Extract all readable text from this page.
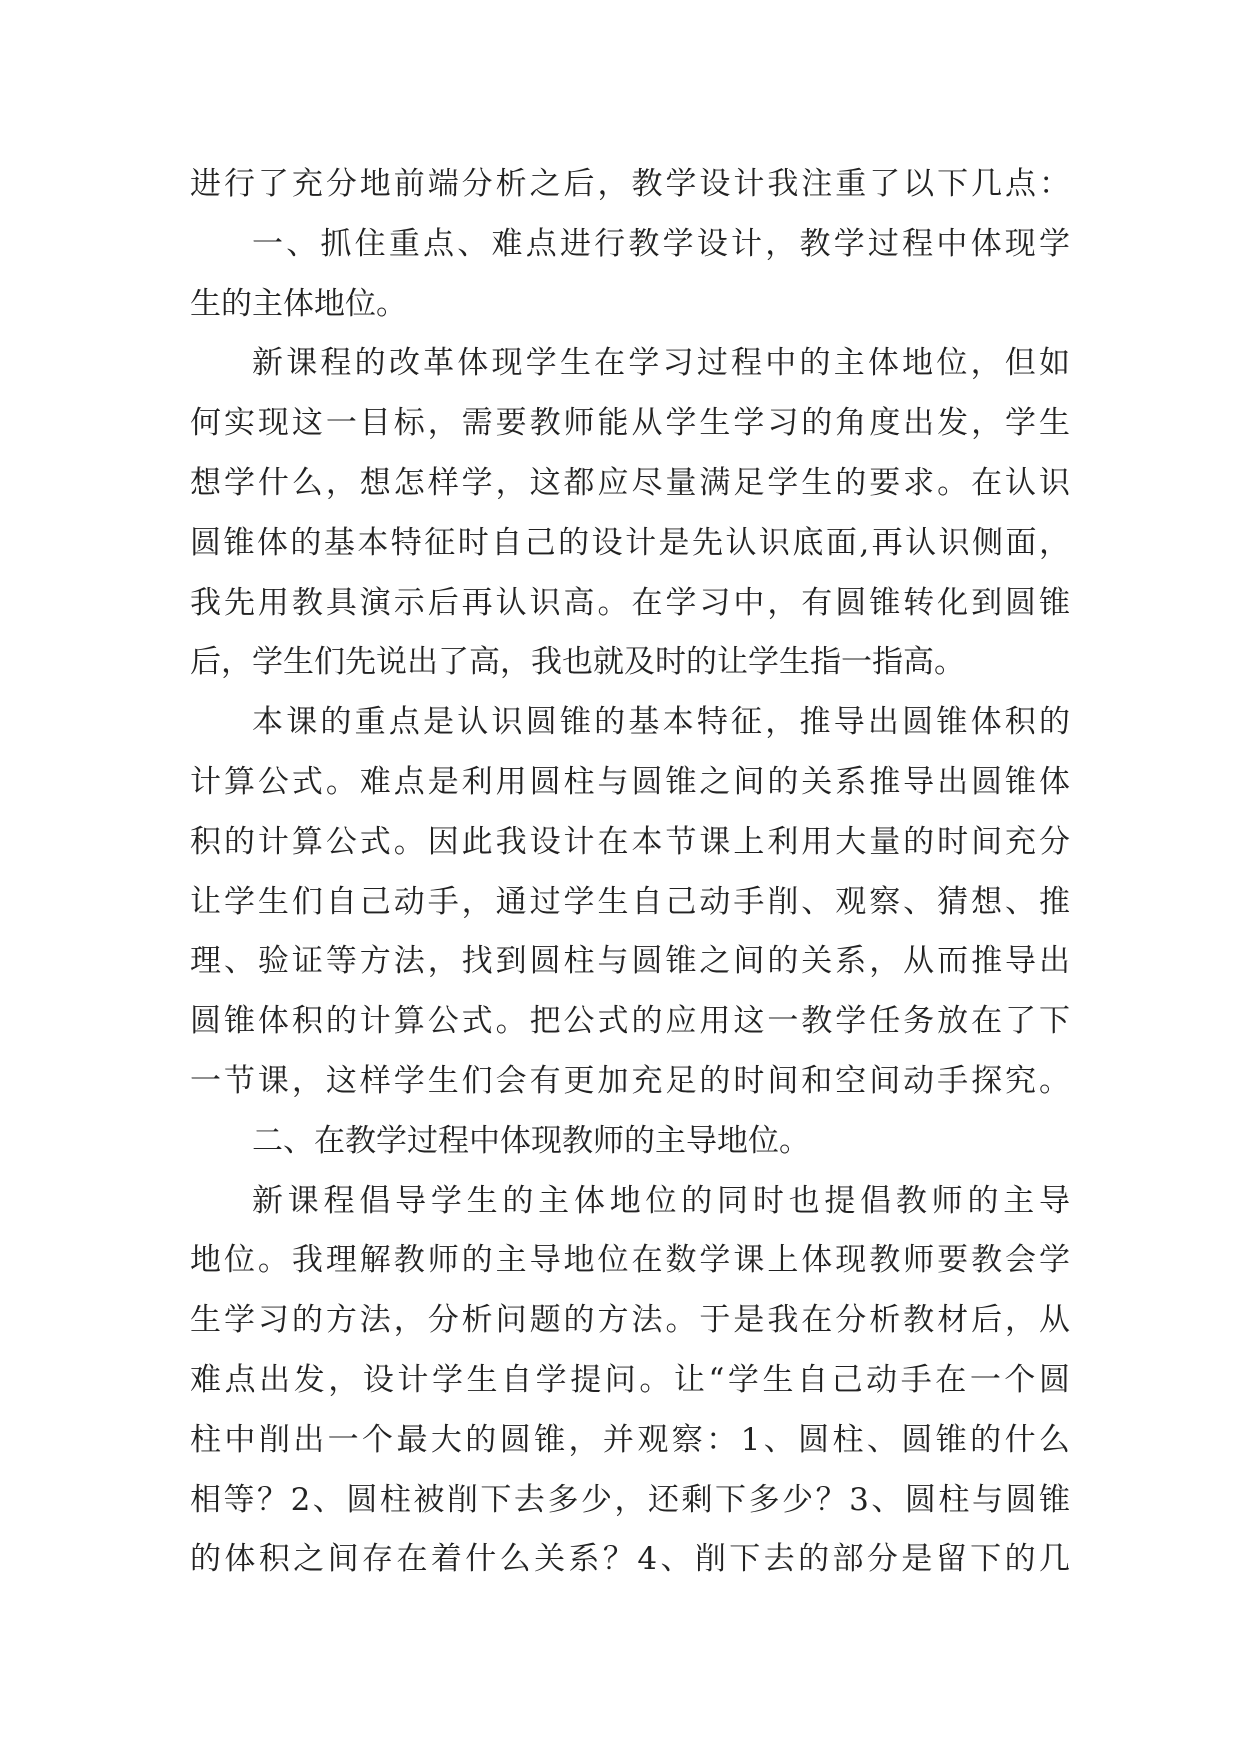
进行了充分地前端分析之后，教学设计我注重了以下几点：
一、抓住重点、难点进行教学设计，教学过程中体现学
生的主体地位。
新课程的改革体现学生在学习过程中的主体地位，但如
何实现这一目标，需要教师能从学生学习的角度出发，学生
想学什么，想怎样学，这都应尽量满足学生的要求。在认识
圆锥体的基本特征时自己的设计是先认识底面,再认识侧面，
我先用教具演示后再认识高。在学习中，有圆锥转化到圆锥
后，学生们先说出了高，我也就及时的让学生指一指高。
本课的重点是认识圆锥的基本特征，推导出圆锥体积的
计算公式。难点是利用圆柱与圆锥之间的关系推导出圆锥体
积的计算公式。因此我设计在本节课上利用大量的时间充分
让学生们自己动手，通过学生自己动手削、观察、猜想、推
理、验证等方法，找到圆柱与圆锥之间的关系，从而推导出
圆锥体积的计算公式。把公式的应用这一教学任务放在了下
一节课，这样学生们会有更加充足的时间和空间动手探究。
二、在教学过程中体现教师的主导地位。
新课程倡导学生的主体地位的同时也提倡教师的主导
地位。我理解教师的主导地位在数学课上体现教师要教会学
生学习的方法，分析问题的方法。于是我在分析教材后，从
难点出发，设计学生自学提问。让“学生自己动手在一个圆
柱中削出一个最大的圆锥，并观察：1、圆柱、圆锥的什么
相等？2、圆柱被削下去多少，还剩下多少？3、圆柱与圆锥
的体积之间存在着什么关系？4、削下去的部分是留下的几
